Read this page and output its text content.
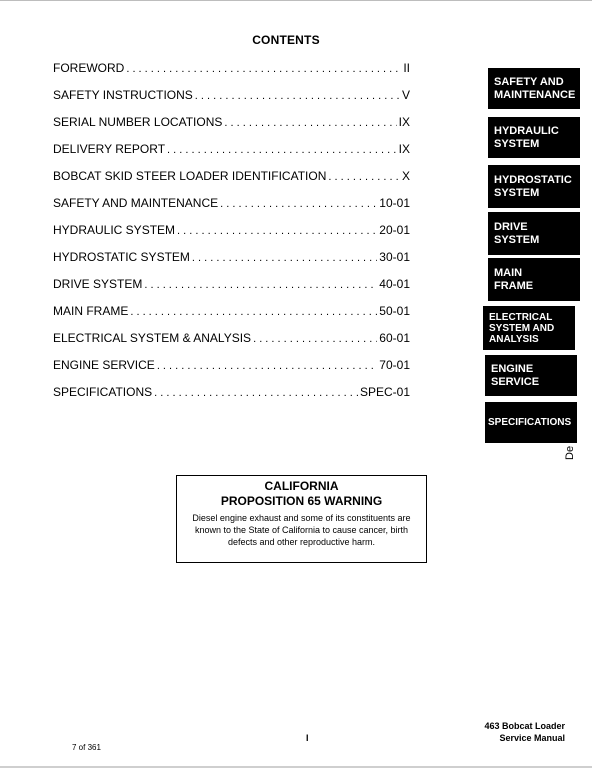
CONTENTS
FOREWORD . . .	II
SAFETY INSTRUCTIONS . . .	V
SERIAL NUMBER LOCATIONS . . .	IX
DELIVERY REPORT . . .	IX
BOBCAT SKID STEER LOADER IDENTIFICATION . . .	X
SAFETY AND MAINTENANCE . . .	10-01
HYDRAULIC SYSTEM . . .	20-01
HYDROSTATIC SYSTEM . . .	30-01
DRIVE SYSTEM . . .	40-01
MAIN FRAME . . .	50-01
ELECTRICAL SYSTEM & ANALYSIS . . .	60-01
ENGINE SERVICE . . .	70-01
SPECIFICATIONS . . .	SPEC-01
SAFETY AND
MAINTENANCE
HYDRAULIC
SYSTEM
HYDROSTATIC
SYSTEM
DRIVE
SYSTEM
MAIN
FRAME
ELECTRICAL
SYSTEM AND
ANALYSIS
ENGINE
SERVICE
SPECIFICATIONS
De b p
CALIFORNIA
PROPOSITION 65 WARNING
Diesel engine exhaust and some of its constituents are known to the State of California to cause cancer, birth defects and other reproductive harm.
I
463 Bobcat Loader
Service Manual
7 of 361
